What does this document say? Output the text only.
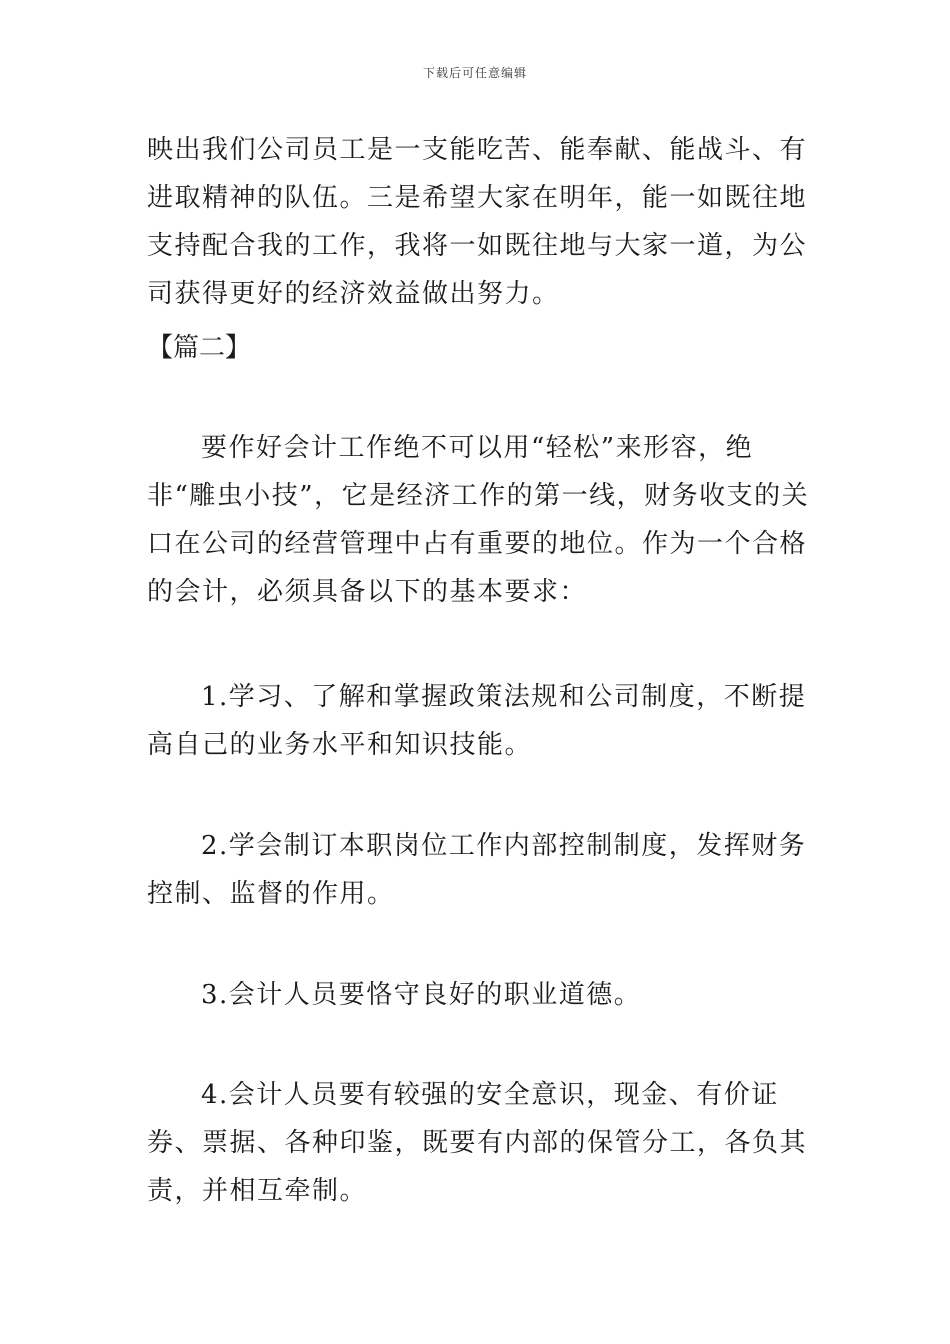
下载后可任意编辑

映出我们公司员工是一支能吃苦、能奉献、能战斗、有进取精神的队伍。三是希望大家在明年，能一如既往地支持配合我的工作，我将一如既往地与大家一道，为公司获得更好的经济效益做出努力。

【篇二】

要作好会计工作绝不可以用“轻松”来形容，绝非“雕虫小技”，它是经济工作的第一线，财务收支的关口在公司的经营管理中占有重要的地位。作为一个合格的会计，必须具备以下的基本要求：

1.学习、了解和掌握政策法规和公司制度，不断提高自己的业务水平和知识技能。

2.学会制订本职岗位工作内部控制制度，发挥财务控制、监督的作用。

3.会计人员要恪守良好的职业道德。

4.会计人员要有较强的安全意识，现金、有价证券、票据、各种印鉴，既要有内部的保管分工，各负其责，并相互牵制。
